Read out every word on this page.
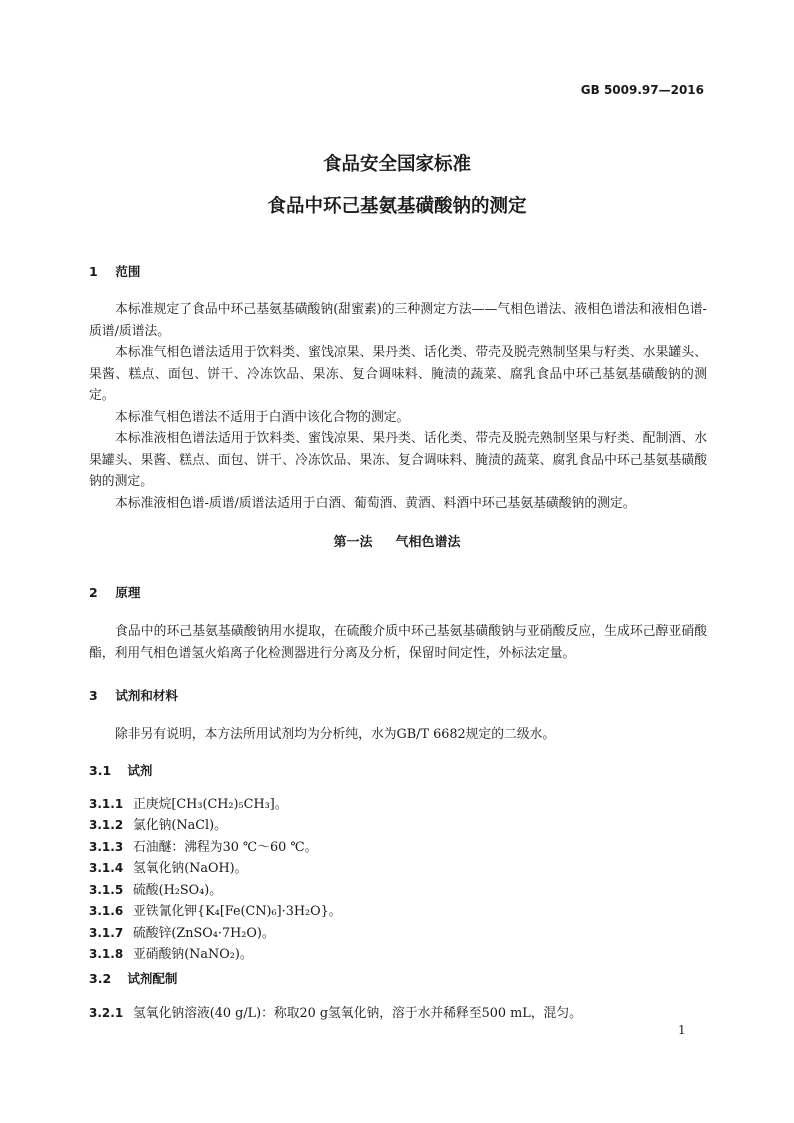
GB 5009.97—2016
食品安全国家标准
食品中环己基氨基磺酸钠的测定
1 范围

本标准规定了食品中环己基氨基磺酸钠(甜蜜素)的三种测定方法——气相色谱法、液相色谱法和液相色谱-质谱/质谱法。

本标准气相色谱法适用于饮料类、蜜饯凉果、果丹类、话化类、带壳及脱壳熟制坚果与籽类、水果罐头、果酱、糕点、面包、饼干、冷冻饮品、果冻、复合调味料、腌渍的蔬菜、腐乳食品中环己基氨基磺酸钠的测定。

本标准气相色谱法不适用于白酒中该化合物的测定。

本标准液相色谱法适用于饮料类、蜜饯凉果、果丹类、话化类、带壳及脱壳熟制坚果与籽类、配制酒、水果罐头、果酱、糕点、面包、饼干、冷冻饮品、果冻、复合调味料、腌渍的蔬菜、腐乳食品中环己基氨基磺酸钠的测定。

本标准液相色谱-质谱/质谱法适用于白酒、葡萄酒、黄酒、料酒中环己基氨基磺酸钠的测定。

第一法 气相色谱法
2 原理

食品中的环己基氨基磺酸钠用水提取，在硫酸介质中环己基氨基磺酸钠与亚硝酸反应，生成环己醇亚硝酸酯，利用气相色谱氢火焰离子化检测器进行分离及分析，保留时间定性，外标法定量。

3 试剂和材料

除非另有说明，本方法所用试剂均为分析纯，水为GB/T 6682规定的二级水。

3.1 试剂
3.1.1 正庚烷[CH₃(CH₂)₅CH₃]。
3.1.2 氯化钠(NaCl)。
3.1.3 石油醚：沸程为30 ℃～60 ℃。
3.1.4 氢氧化钠(NaOH)。
3.1.5 硫酸(H₂SO₄)。
3.1.6 亚铁氰化钾{K₄[Fe(CN)₆]·3H₂O}。
3.1.7 硫酸锌(ZnSO₄·7H₂O)。
3.1.8 亚硝酸钠(NaNO₂)。
3.2 试剂配制
3.2.1 氢氧化钠溶液(40 g/L)：称取20 g氢氧化钠，溶于水并稀释至500 mL，混匀。
1
